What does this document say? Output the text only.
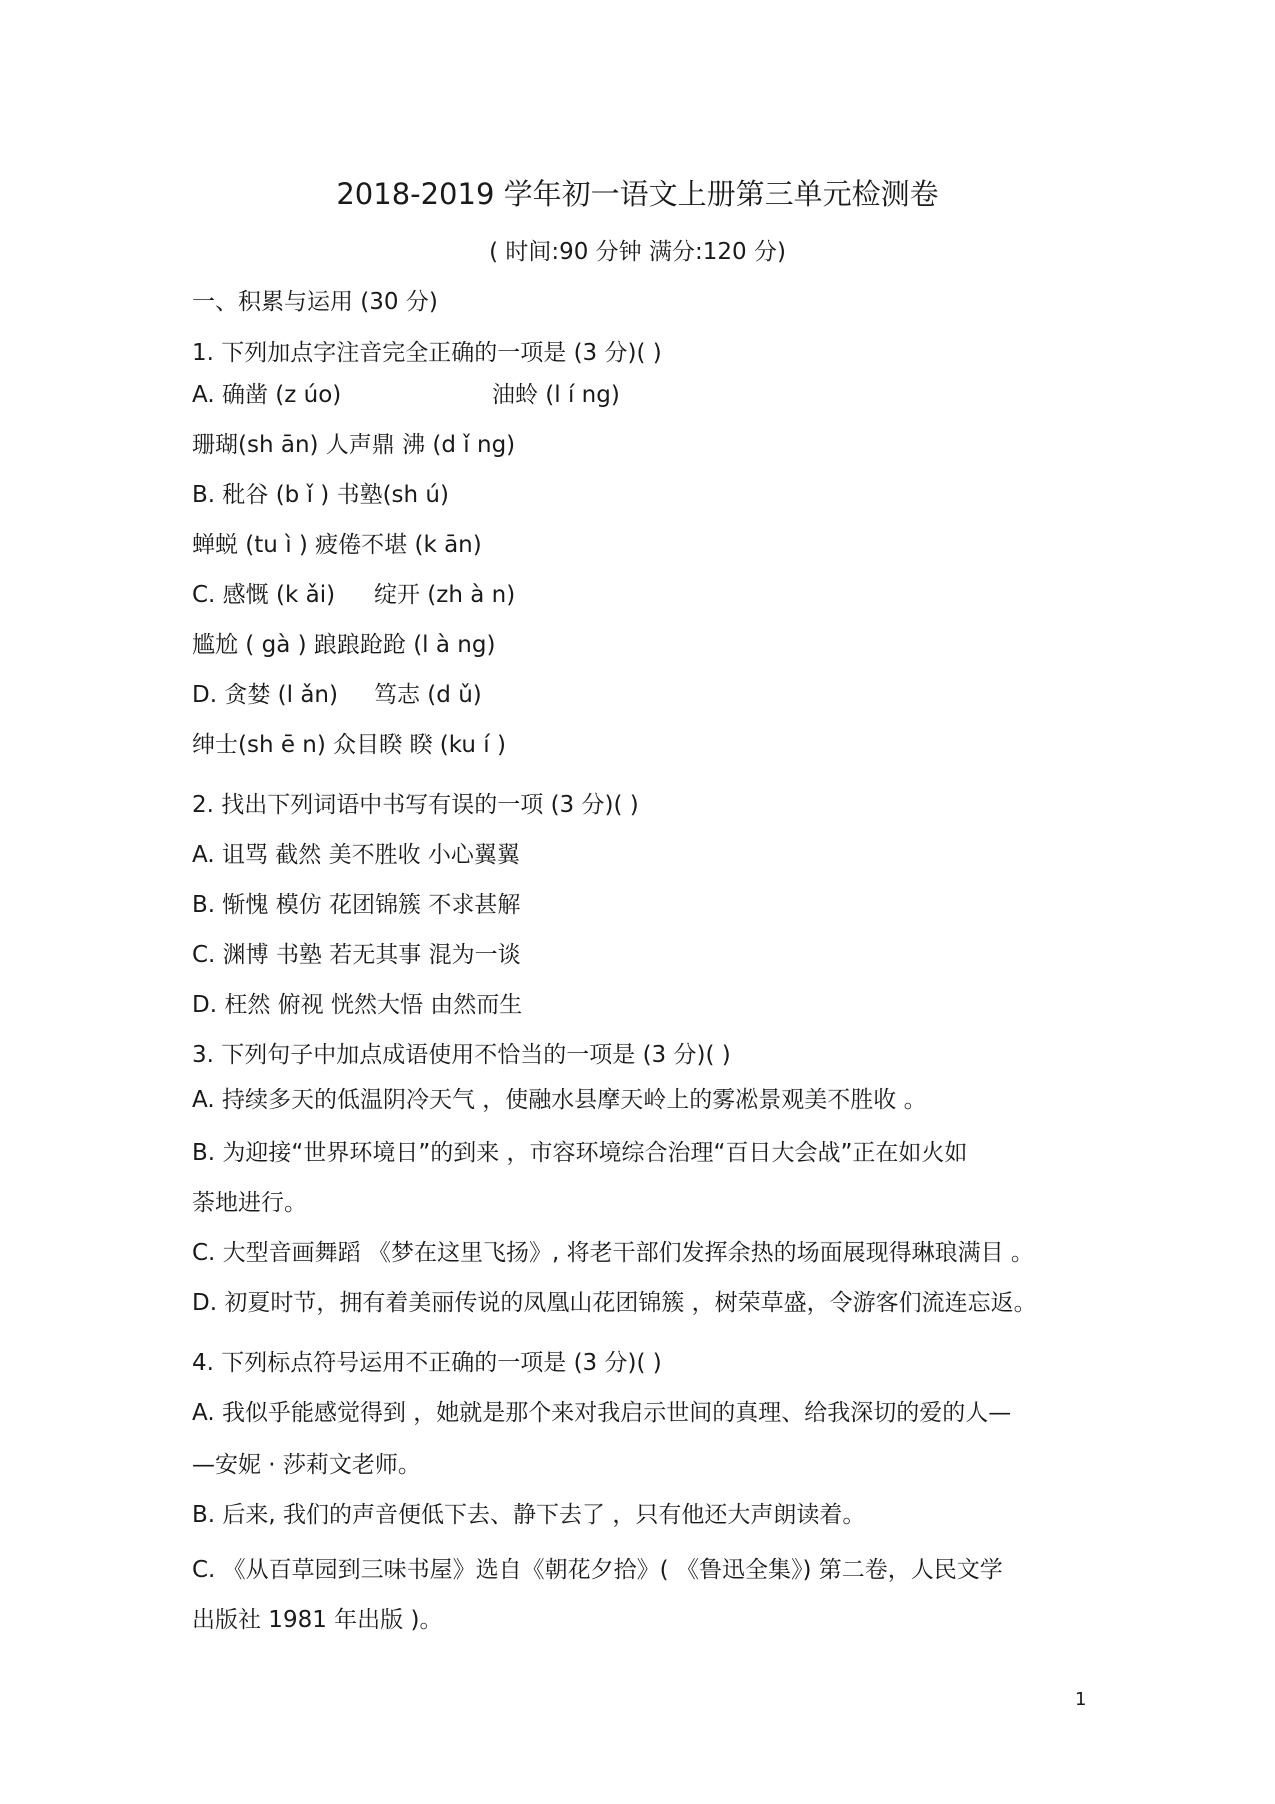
2018-2019 学年初一语文上册第三单元检测卷
( 时间:90 分钟 满分:120 分)
一、积累与运用 (30 分)
1. 下列加点字注音完全正确的一项是 (3 分)( )
A. 确凿 (z úo)	油蛉 (l í ng)
珊瑚(sh ān) 人声鼎 沸 (d ǐ ng)
B. 秕谷 (b ǐ ) 书塾(sh ú)
蝉蜕 (tu ì ) 疲倦不堪 (k ān)
C. 感慨 (k ǎi) 绽开 (zh à n)
尴尬 ( gà ) 踉踉跄跄 (l à ng)
D. 贪婪 (l ǎn) 笃志 (d ǔ)
绅士(sh ē n) 众目睽 睽 (ku í )
2. 找出下列词语中书写有误的一项 (3 分)( )
A. 诅骂 截然 美不胜收 小心翼翼
B. 惭愧 模仿 花团锦簇 不求甚解
C. 渊博 书塾 若无其事 混为一谈
D. 枉然 俯视 恍然大悟 由然而生
3. 下列句子中加点成语使用不恰当的一项是 (3 分)( )
A. 持续多天的低温阴冷天气 ，使融水县摩天岭上的雾凇景观美不胜收 。
B. 为迎接“世界环境日”的到来 ，市容环境综合治理“百日大会战”正在如火如
荼地进行。
C. 大型音画舞蹈 《梦在这里飞扬》, 将老干部们发挥余热的场面展现得琳琅满目 。
D. 初夏时节，拥有着美丽传说的凤凰山花团锦簇 ，树荣草盛，令游客们流连忘返。
4. 下列标点符号运用不正确的一项是 (3 分)( )
A. 我似乎能感觉得到 ，她就是那个来对我启示世间的真理、给我深切的爱的人—
—安妮 · 莎莉文老师。
B. 后来, 我们的声音便低下去、静下去了 ，只有他还大声朗读着。
C. 《从百草园到三味书屋》选自《朝花夕拾》( 《鲁迅全集》) 第二卷，人民文学
出版社 1981 年出版 )。
1
